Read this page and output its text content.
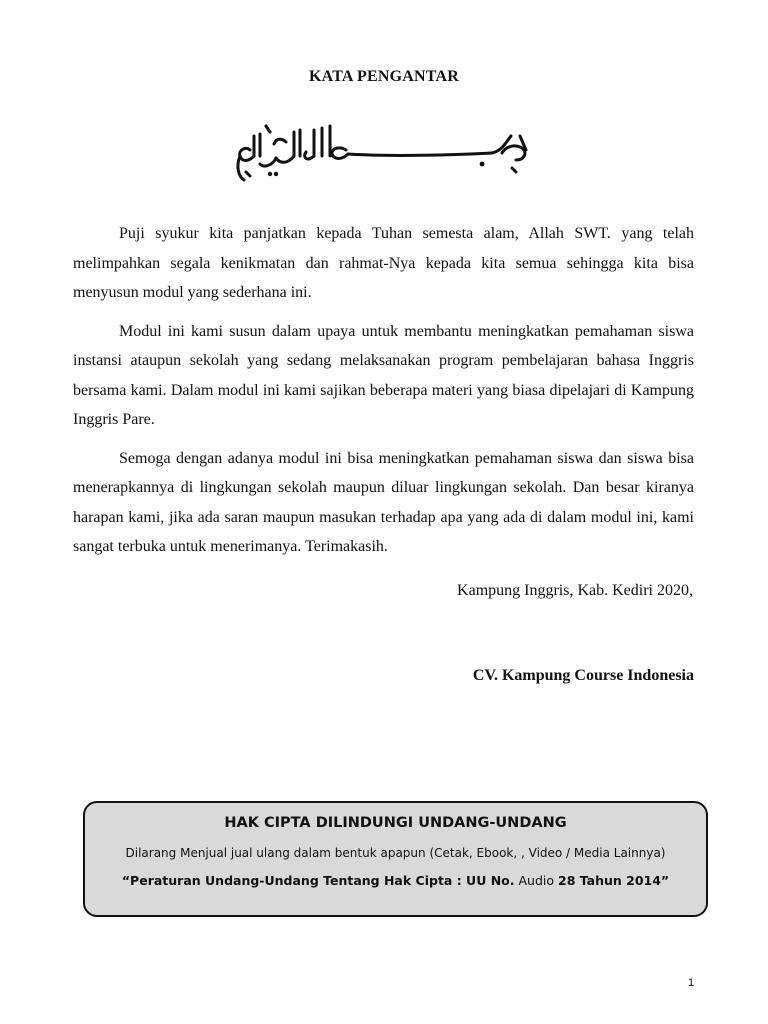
KATA PENGANTAR

Puji syukur kita panjatkan kepada Tuhan semesta alam, Allah SWT. yang telah melimpahkan segala kenikmatan dan rahmat-Nya kepada kita semua sehingga kita bisa menyusun modul yang sederhana ini.

Modul ini kami susun dalam upaya untuk membantu meningkatkan pemahaman siswa instansi ataupun sekolah yang sedang melaksanakan program pembelajaran bahasa Inggris bersama kami. Dalam modul ini kami sajikan beberapa materi yang biasa dipelajari di Kampung Inggris Pare.

Semoga dengan adanya modul ini bisa meningkatkan pemahaman siswa dan siswa bisa menerapkannya di lingkungan sekolah maupun diluar lingkungan sekolah. Dan besar kiranya harapan kami, jika ada saran maupun masukan terhadap apa yang ada di dalam modul ini, kami sangat terbuka untuk menerimanya. Terimakasih.

Kampung Inggris, Kab. Kediri 2020,
CV. Kampung Course Indonesia
HAK CIPTA DILINDUNGI UNDANG-UNDANG
Dilarang Menjual jual ulang dalam bentuk apapun (Cetak, Ebook, , Video / Media Lainnya)
“Peraturan Undang-Undang Tentang Hak Cipta : UU No. Audio 28 Tahun 2014”
1
